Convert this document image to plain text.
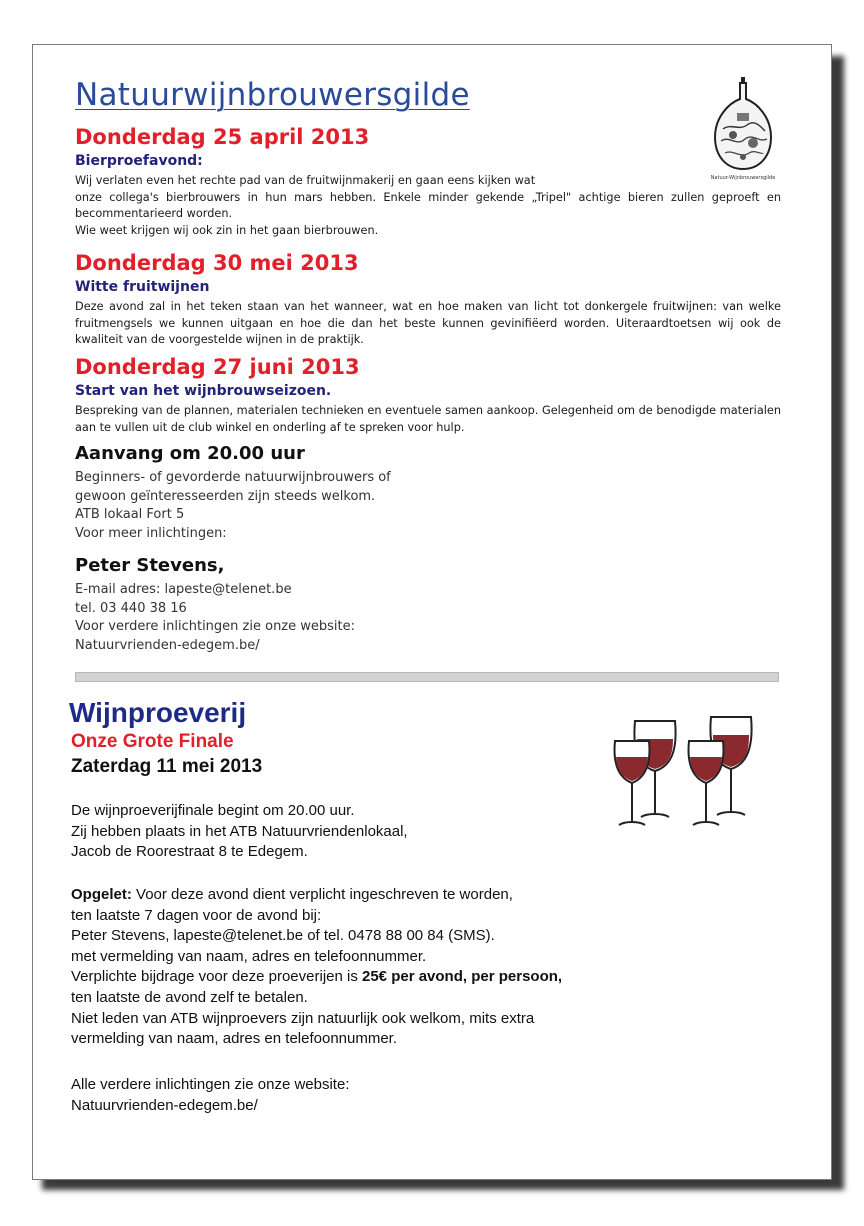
Natuurwijnbrouwersgilde
Natuur-Wijnbrouwersgilde
Donderdag 25 april 2013
Bierproefavond:
Wij verlaten even het rechte pad van de fruitwijnmakerij en gaan eens kijken wat
onze collega's bierbrouwers in hun mars hebben. Enkele minder gekende „Tripel" achtige bieren zullen geproeft en becommentarieerd worden.
Wie weet krijgen wij ook zin in het gaan bierbrouwen.
Donderdag 30 mei 2013
Witte fruitwijnen
Deze avond zal in het teken staan van het wanneer, wat en hoe maken van licht tot donkergele fruitwijnen: van welke fruitmengsels we kunnen uitgaan en hoe die dan het beste kunnen gevinifiëerd worden. Uiteraardtoetsen wij ook de kwaliteit van de voorgestelde wijnen in de praktijk.
Donderdag 27 juni 2013
Start van het wijnbrouwseizoen.
Bespreking van de plannen, materialen technieken en eventuele samen aankoop. Gelegenheid om de benodigde materialen aan te vullen uit de club winkel en onderling af te spreken voor hulp.
Aanvang om 20.00 uur
Beginners- of gevorderde natuurwijnbrouwers of
gewoon geïnteresseerden zijn steeds welkom.
ATB lokaal Fort 5
Voor meer inlichtingen:
Peter Stevens,
E-mail adres: lapeste@telenet.be
tel. 03 440 38 16
Voor verdere inlichtingen zie onze website:
Natuurvrienden-edegem.be/
Wijnproeverij
Onze Grote Finale
Zaterdag 11 mei 2013
De wijnproeverijfinale begint om 20.00 uur.
Zij hebben plaats in het ATB Natuurvriendenlokaal,
Jacob de Roorestraat 8 te Edegem.
Opgelet: Voor deze avond dient verplicht ingeschreven te worden,
ten laatste 7 dagen voor de avond bij:
Peter Stevens, lapeste@telenet.be of tel. 0478 88 00 84 (SMS).
met vermelding van naam, adres en telefoonnummer.
Verplichte bijdrage voor deze proeverijen is 25€ per avond, per persoon,
ten laatste de avond zelf te betalen.
Niet leden van ATB wijnproevers zijn natuurlijk ook welkom, mits extra
vermelding van naam, adres en telefoonnummer.
Alle verdere inlichtingen zie onze website:
Natuurvrienden-edegem.be/
